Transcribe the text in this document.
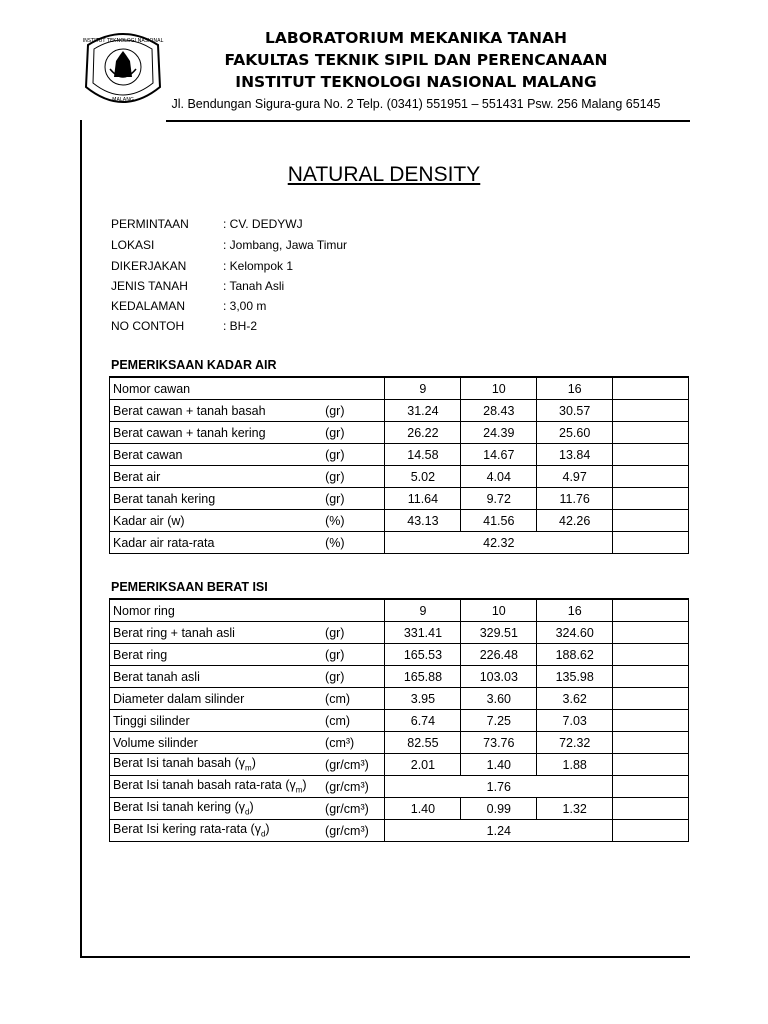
INSTITUT TEKNOLOGI NASIONAL
MALANG
LABORATORIUM MEKANIKA TANAH
FAKULTAS TEKNIK SIPIL DAN PERENCANAAN
INSTITUT TEKNOLOGI NASIONAL MALANG
Jl. Bendungan Sigura-gura No. 2 Telp. (0341) 551951 – 551431 Psw. 256 Malang 65145
NATURAL DENSITY
PERMINTAAN	: CV. DEDYWJ
LOKASI	: Jombang, Jawa Timur
DIKERJAKAN	: Kelompok 1
JENIS TANAH	: Tanah Asli
KEDALAMAN	: 3,00 m
NO CONTOH	: BH-2
PEMERIKSAAN KADAR AIR
Nomor cawan		9	10	16	
Berat cawan + tanah basah	(gr)	31.24	28.43	30.57	
Berat cawan + tanah kering	(gr)	26.22	24.39	25.60	
Berat cawan	(gr)	14.58	14.67	13.84	
Berat air	(gr)	5.02	4.04	4.97	
Berat tanah kering	(gr)	11.64	9.72	11.76	
Kadar air (w)	(%)	43.13	41.56	42.26	
Kadar air rata-rata	(%)	42.32			
PEMERIKSAAN BERAT ISI
Nomor ring		9	10	16	
Berat ring + tanah asli	(gr)	331.41	329.51	324.60	
Berat ring	(gr)	165.53	226.48	188.62	
Berat tanah asli	(gr)	165.88	103.03	135.98	
Diameter dalam silinder	(cm)	3.95	3.60	3.62	
Tinggi silinder	(cm)	6.74	7.25	7.03	
Volume silinder	(cm³)	82.55	73.76	72.32	
Berat Isi tanah basah $(\gamma_m)$	(gr/cm³)	2.01	1.40	1.88	
Berat Isi tanah basah rata-rata $(\gamma_m)$	(gr/cm³)	1.76			
Berat Isi tanah kering $(\gamma_d)$	(gr/cm³)	1.40	0.99	1.32	
Berat Isi kering rata-rata $(\gamma_d)$	(gr/cm³)	1.24			
